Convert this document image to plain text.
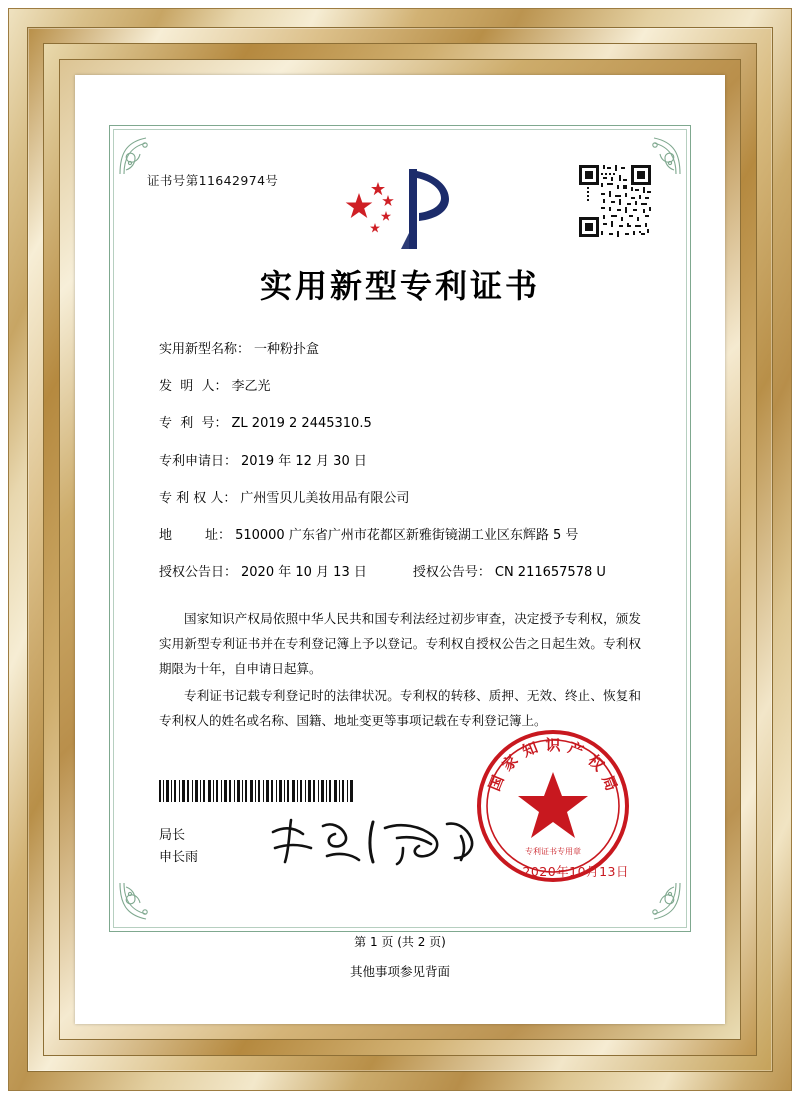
证书号第11642974号
实用新型专利证书
实用新型名称： 一种粉扑盒
发  明  人： 李乙光
专  利  号： ZL 2019 2 2445310.5
专利申请日： 2019 年 12 月 30 日
专 利 权 人： 广州雪贝儿美妆用品有限公司
地        址： 510000 广东省广州市花都区新雅街镜湖工业区东辉路 5 号
授权公告日： 2020 年 10 月 13 日	授权公告号： CN 211657578 U

国家知识产权局依照中华人民共和国专利法经过初步审查，决定授予专利权，颁发实用新型专利证书并在专利登记簿上予以登记。专利权自授权公告之日起生效。专利权期限为十年，自申请日起算。

专利证书记载专利登记时的法律状况。专利权的转移、质押、无效、终止、恢复和专利权人的姓名或名称、国籍、地址变更等事项记载在专利登记簿上。

局长
申长雨
国
家
知 识 产
权
局
专利证书专用章
2020年10月13日
第 1 页 (共 2 页)
其他事项参见背面
